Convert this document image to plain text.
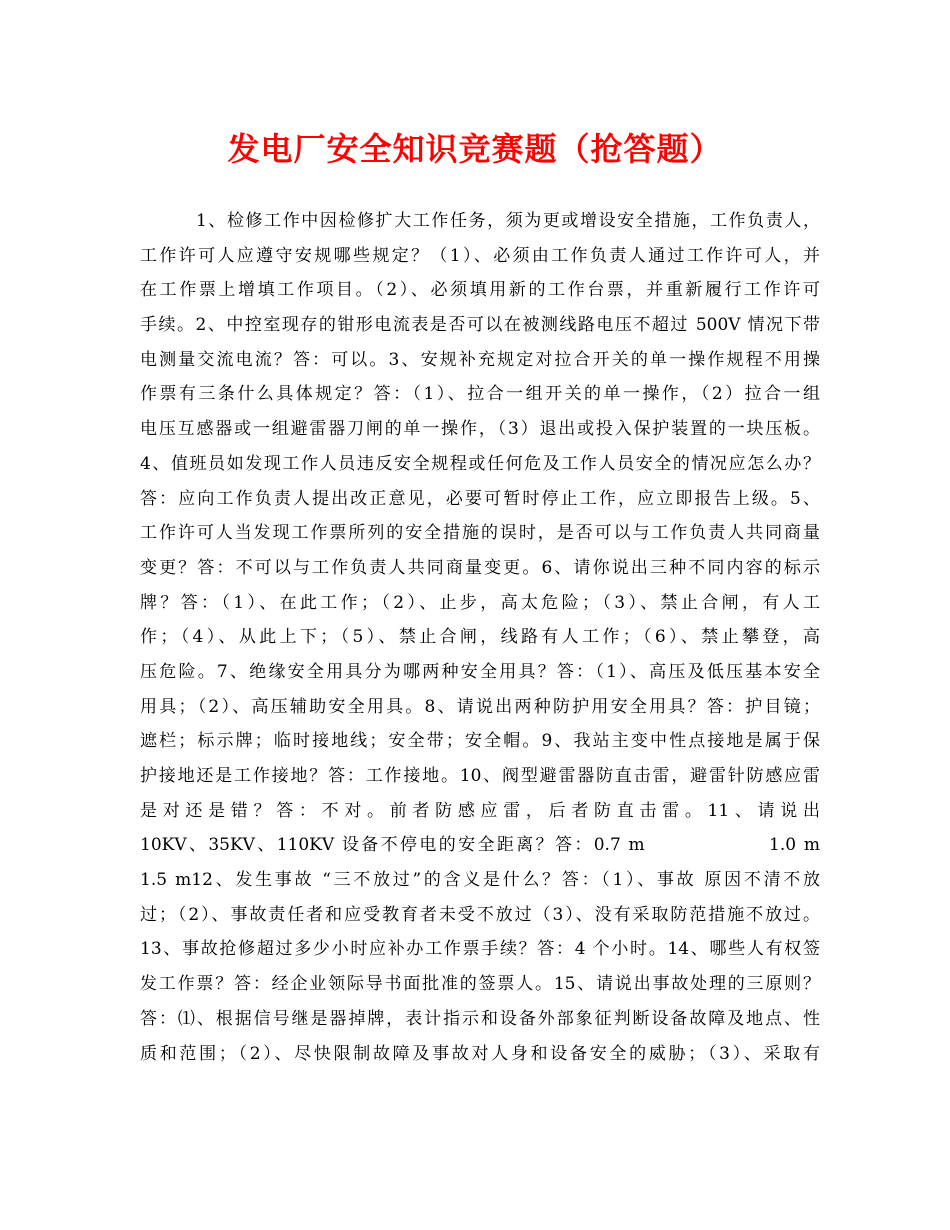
发电厂安全知识竞赛题（抢答题）
1、检修工作中因检修扩大工作任务，须为更或增设安全措施，工作负责人，
工作许可人应遵守安规哪些规定？（1）、必须由工作负责人通过工作许可人，并
在工作票上增填工作项目。（2）、必须填用新的工作台票，并重新履行工作许可
手续。2、中控室现存的钳形电流表是否可以在被测线路电压不超过 500V 情况下带
电测量交流电流？答：可以。3、安规补充规定对拉合开关的单一操作规程不用操
作票有三条什么具体规定？答：（1）、拉合一组开关的单一操作，（2）拉合一组
电压互感器或一组避雷器刀闸的单一操作，（3）退出或投入保护装置的一块压板。
4、值班员如发现工作人员违反安全规程或任何危及工作人员安全的情况应怎么办？
答：应向工作负责人提出改正意见，必要可暂时停止工作，应立即报告上级。5、
工作许可人当发现工作票所列的安全措施的误时，是否可以与工作负责人共同商量
变更？答：不可以与工作负责人共同商量变更。6、请你说出三种不同内容的标示
牌？答：（1）、在此工作；（2）、止步，高太危险；（3）、禁止合闸，有人工
作；（4）、从此上下；（5）、禁止合闸，线路有人工作；（6）、禁止攀登，高
压危险。7、绝缘安全用具分为哪两种安全用具？答：（1）、高压及低压基本安全
用具；（2）、高压辅助安全用具。8、请说出两种防护用安全用具？答：护目镜；
遮栏；标示牌；临时接地线；安全带；安全帽。9、我站主变中性点接地是属于保
护接地还是工作接地？答：工作接地。10、阀型避雷器防直击雷，避雷针防感应雷
是对还是错？答：不对。前者防感应雷，后者防直击雷。11、请说出
10KV、35KV、110KV 设备不停电的安全距离？答：0.7 m                1.0 m
1.5 m12、发生事故 “三不放过”的含义是什么？答：（1）、事故 原因不清不放
过；（2）、事故责任者和应受教育者未受不放过（3）、没有采取防范措施不放过。
13、事故抢修超过多少小时应补办工作票手续？答：4 个小时。14、哪些人有权签
发工作票？答：经企业领际导书面批准的签票人。15、请说出事故处理的三原则？
答：⑴、根据信号继是器掉牌，表计指示和设备外部象征判断设备故障及地点、性
质和范围；（2）、尽快限制故障及事故对人身和设备安全的威胁；（3）、采取有
